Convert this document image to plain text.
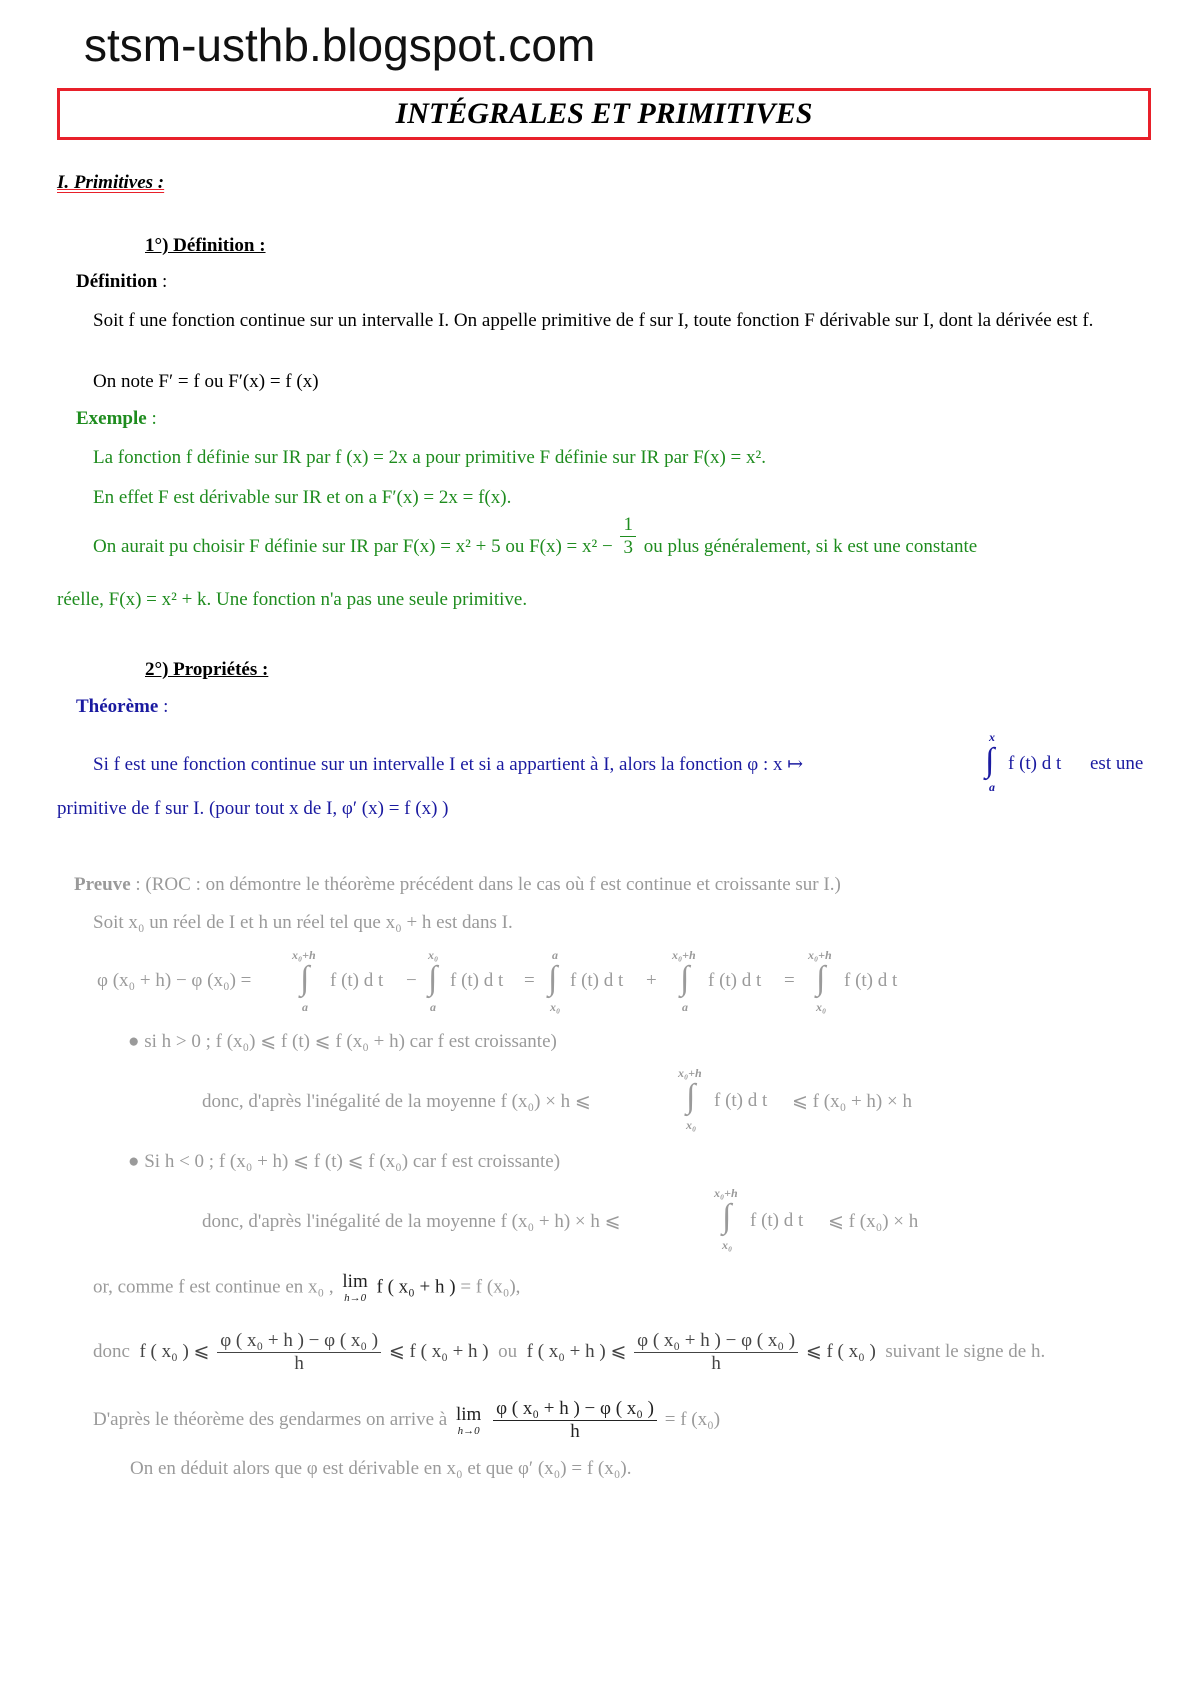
stsm-usthb.blogspot.com
INTÉGRALES ET PRIMITIVES
I. Primitives :
1°) Définition :
Définition :
Soit f une fonction continue sur un intervalle I. On appelle primitive de f sur I, toute fonction F dérivable sur I, dont la dérivée est f.
On note F′ = f ou F′(x) = f (x)
Exemple :
La fonction f définie sur IR par f (x) = 2x a pour primitive F définie sur IR par F(x) = x².
En effet F est dérivable sur IR et on a F′(x) = 2x = f(x).
On aurait pu choisir F définie sur IR par F(x) = x² + 5 ou $F(x) = x^2 - \frac{1}{3}$ ou plus généralement, si k est une constante
réelle, F(x) = x² + k. Une fonction n'a pas une seule primitive.
2°) Propriétés :
Théorème :
Si f est une fonction continue sur un intervalle I et si a appartient à I, alors la fonction φ : x ↦
x
∫
a
f (t) d t est une
primitive de f sur I. (pour tout x de I, φ′ (x) = f (x) )
Preuve : (ROC : on démontre le théorème précédent dans le cas où f est continue et croissante sur I.)
Soit x₀ un réel de I et h un réel tel que x₀ + h est dans I.
φ (x₀ + h) − φ (x₀) =
x₀+h
∫
a
f (t) d t −
x₀
∫
a
f (t) d t =
a
∫
x₀
f (t) d t +
x₀+h
∫
a
f (t) d t =
x₀+h
∫
x₀
f (t) d t
● si h > 0 ; f (x₀) ⩽ f (t) ⩽ f (x₀ + h) car f est croissante)
donc, d'après l'inégalité de la moyenne f (x₀) × h ⩽
x₀+h
∫
x₀
f (t) d t ⩽ f (x₀ + h) × h
● Si h < 0 ; f (x₀ + h) ⩽ f (t) ⩽ f (x₀) car f est croissante)
donc, d'après l'inégalité de la moyenne f (x₀ + h) × h ⩽
x₀+h
∫
x₀
f (t) d t ⩽ f (x₀) × h
or, comme f est continue en x₀ , lim
h→0
f ( x₀ + h ) = f (x₀),
donc f ( x₀ ) ⩽ $\frac{\text{φ ( x₀ + h ) − φ ( x₀ )}}{h}$ ⩽ f ( x₀ + h ) ou f ( x₀ + h ) ⩽ $\frac{\text{φ ( x₀ + h ) − φ ( x₀ )}}{h}$ ⩽ f ( x₀ ) suivant le signe de h.
D'après le théorème des gendarmes on arrive à lim
h→0
$\frac{\text{φ ( x₀ + h ) − φ ( x₀ )}}{h} = f$ (x₀)
On en déduit alors que φ est dérivable en x₀ et que φ′ (x₀) = f (x₀).
